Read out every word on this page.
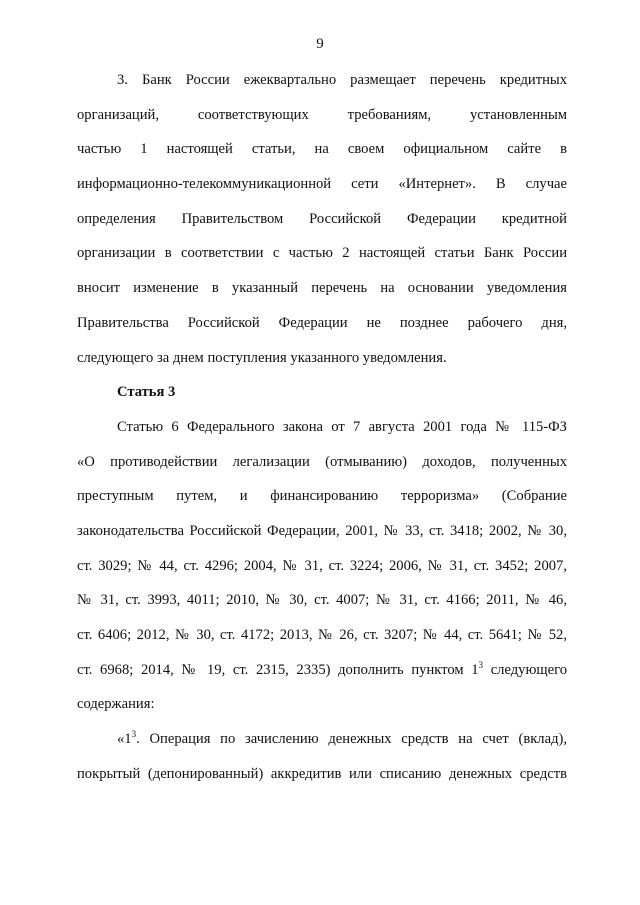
9
3. Банк России ежеквартально размещает перечень кредитных
организаций, соответствующих требованиям, установленным
частью 1 настоящей статьи, на своем официальном сайте в
информационно-телекоммуникационной сети «Интернет». В случае
определения Правительством Российской Федерации кредитной
организации в соответствии с частью 2 настоящей статьи Банк России
вносит изменение в указанный перечень на основании уведомления
Правительства Российской Федерации не позднее рабочего дня,
следующего за днем поступления указанного уведомления.
Статья 3
Статью 6 Федерального закона от 7 августа 2001 года № 115-ФЗ
«О противодействии легализации (отмыванию) доходов, полученных
преступным путем, и финансированию терроризма» (Собрание
законодательства Российской Федерации, 2001, № 33, ст. 3418; 2002, № 30,
ст. 3029; № 44, ст. 4296; 2004, № 31, ст. 3224; 2006, № 31, ст. 3452; 2007,
№ 31, ст. 3993, 4011; 2010, № 30, ст. 4007; № 31, ст. 4166; 2011, № 46,
ст. 6406; 2012, № 30, ст. 4172; 2013, № 26, ст. 3207; № 44, ст. 5641; № 52,
ст. 6968; 2014, № 19, ст. 2315, 2335) дополнить пунктом $1^3$ следующего
содержания:
«$1^3$. Операция по зачислению денежных средств на счет (вклад),
покрытый (депонированный) аккредитив или списанию денежных средств
